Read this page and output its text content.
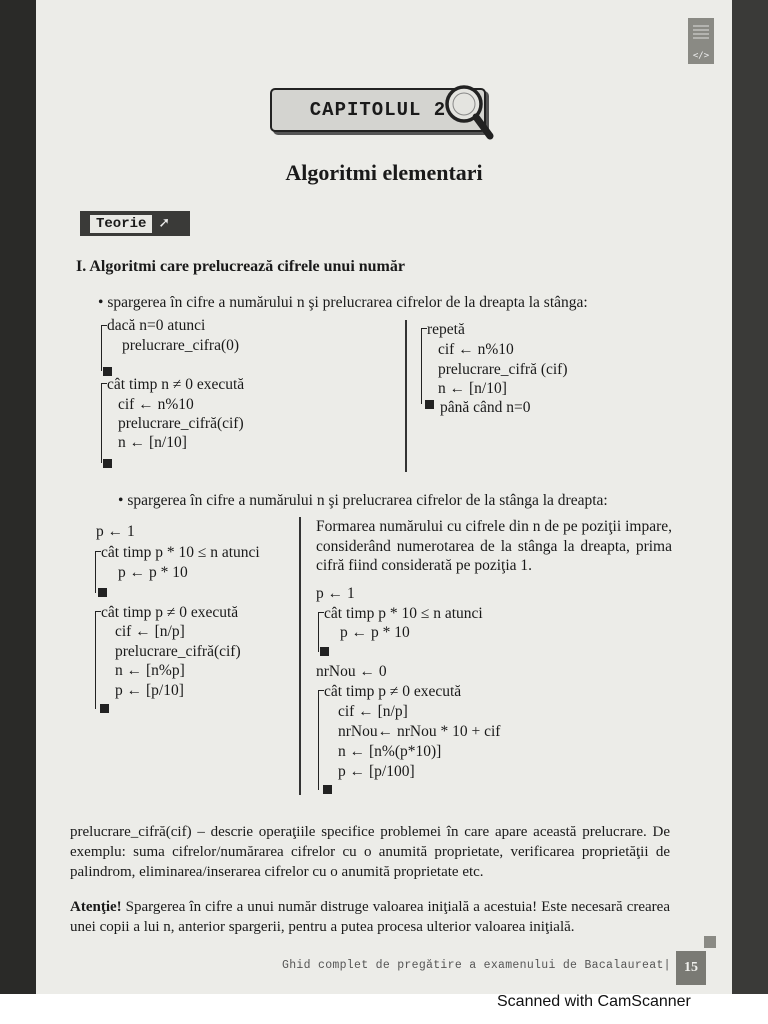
</>
CAPITOLUL 2
Algoritmi elementari
Teorie ➚
I. Algoritmi care prelucrează cifrele unui număr
• spargerea în cifre a numărului n şi prelucrarea cifrelor de la dreapta la stânga:
dacă n=0 atunci
prelucrare_cifra(0)
cât timp n ≠ 0 execută
cif ← n%10
prelucrare_cifră(cif)
n ← [n/10]
repetă
cif ← n%10
prelucrare_cifră (cif)
n ← [n/10]
până când n=0
• spargerea în cifre a numărului n şi prelucrarea cifrelor de la stânga la dreapta:
p ← 1
cât timp p * 10 ≤ n atunci
p ← p * 10
cât timp p ≠ 0 execută
cif ← [n/p]
prelucrare_cifră(cif)
n ← [n%p]
p ← [p/10]
Formarea numărului cu cifrele din n de pe poziţii impare, considerând numerotarea de la stânga la dreapta, prima cifră fiind considerată pe poziţia 1.
p ← 1
cât timp p * 10 ≤ n atunci
p ← p * 10
nrNou ← 0
cât timp p ≠ 0 execută
cif ← [n/p]
nrNou← nrNou * 10 + cif
n ← [n%(p*10)]
p ← [p/100]
prelucrare_cifră(cif) – descrie operaţiile specifice problemei în care apare această prelucrare. De exemplu: suma cifrelor/numărarea cifrelor cu o anumită proprietate, verificarea proprietăţii de palindrom, eliminarea/inserarea cifrelor cu o anumită proprietate etc.
Atenţie! Spargerea în cifre a unui număr distruge valoarea iniţială a acestuia! Este necesară crearea unei copii a lui n, anterior spargerii, pentru a putea procesa ulterior valoarea iniţială.
Ghid complet de pregătire a examenului de Bacalaureat| 15
Scanned with CamScanner
